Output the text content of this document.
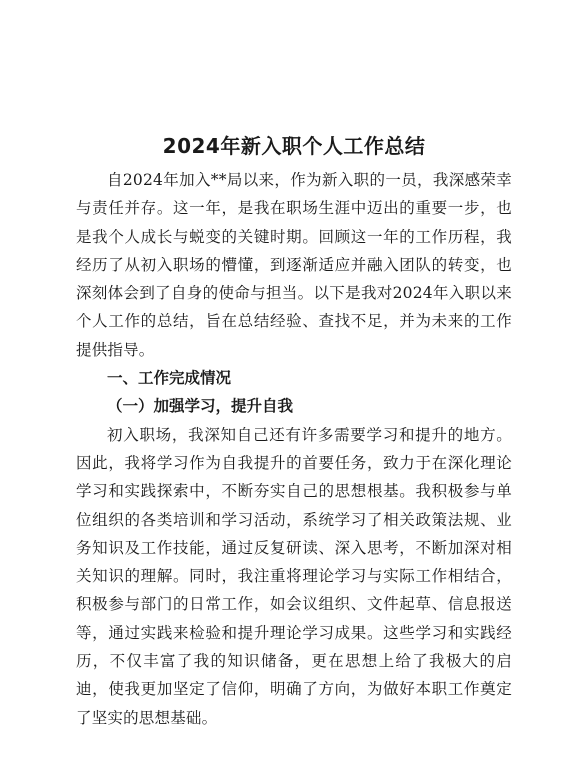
2024年新入职个人工作总结

自2024年加入**局以来，作为新入职的一员，我深感荣幸与责任并存。这一年，是我在职场生涯中迈出的重要一步，也是我个人成长与蜕变的关键时期。回顾这一年的工作历程，我经历了从初入职场的懵懂，到逐渐适应并融入团队的转变，也深刻体会到了自身的使命与担当。以下是我对2024年入职以来个人工作的总结，旨在总结经验、查找不足，并为未来的工作提供指导。

一、工作完成情况

（一）加强学习，提升自我

初入职场，我深知自己还有许多需要学习和提升的地方。因此，我将学习作为自我提升的首要任务，致力于在深化理论学习和实践探索中，不断夯实自己的思想根基。我积极参与单位组织的各类培训和学习活动，系统学习了相关政策法规、业务知识及工作技能，通过反复研读、深入思考，不断加深对相关知识的理解。同时，我注重将理论学习与实际工作相结合，积极参与部门的日常工作，如会议组织、文件起草、信息报送等，通过实践来检验和提升理论学习成果。这些学习和实践经历，不仅丰富了我的知识储备，更在思想上给了我极大的启迪，使我更加坚定了信仰，明确了方向，为做好本职工作奠定了坚实的思想基础。
